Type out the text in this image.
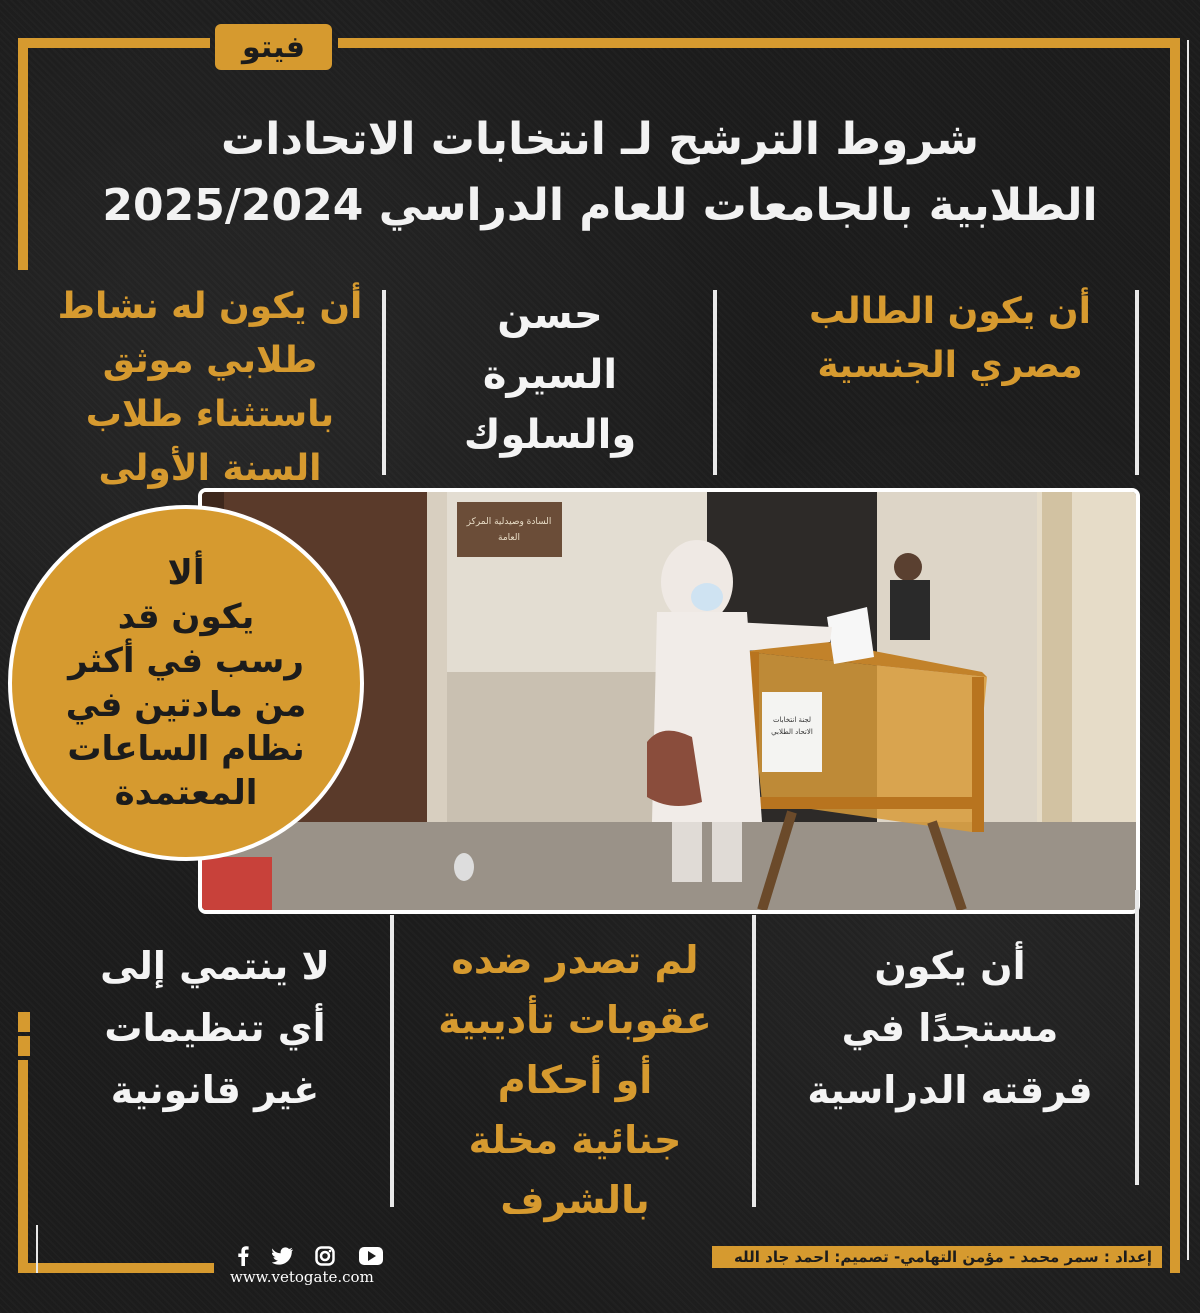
فيتو
شروط الترشح لـ انتخابات الاتحادات
الطلابية بالجامعات للعام الدراسي 2025/2024
أن يكون الطالب
مصري الجنسية
حسن
السيرة
والسلوك
أن يكون له نشاط
طلابي موثق
باستثناء طلاب
السنة الأولى
السادة وصيدلية المركز
العامة
لجنة انتخابات
الاتحاد الطلابي
ألا
يكون قد
رسب في أكثر
من مادتين في
نظام الساعات
المعتمدة
أن يكون
مستجدًا في
فرقته الدراسية
لم تصدر ضده
عقوبات تأديبية
أو أحكام
جنائية مخلة
بالشرف
لا ينتمي إلى
أي تنظيمات
غير قانونية
إعداد : سمر محمد - مؤمن التهامي- تصميم: احمد جاد الله
www.vetogate.com
